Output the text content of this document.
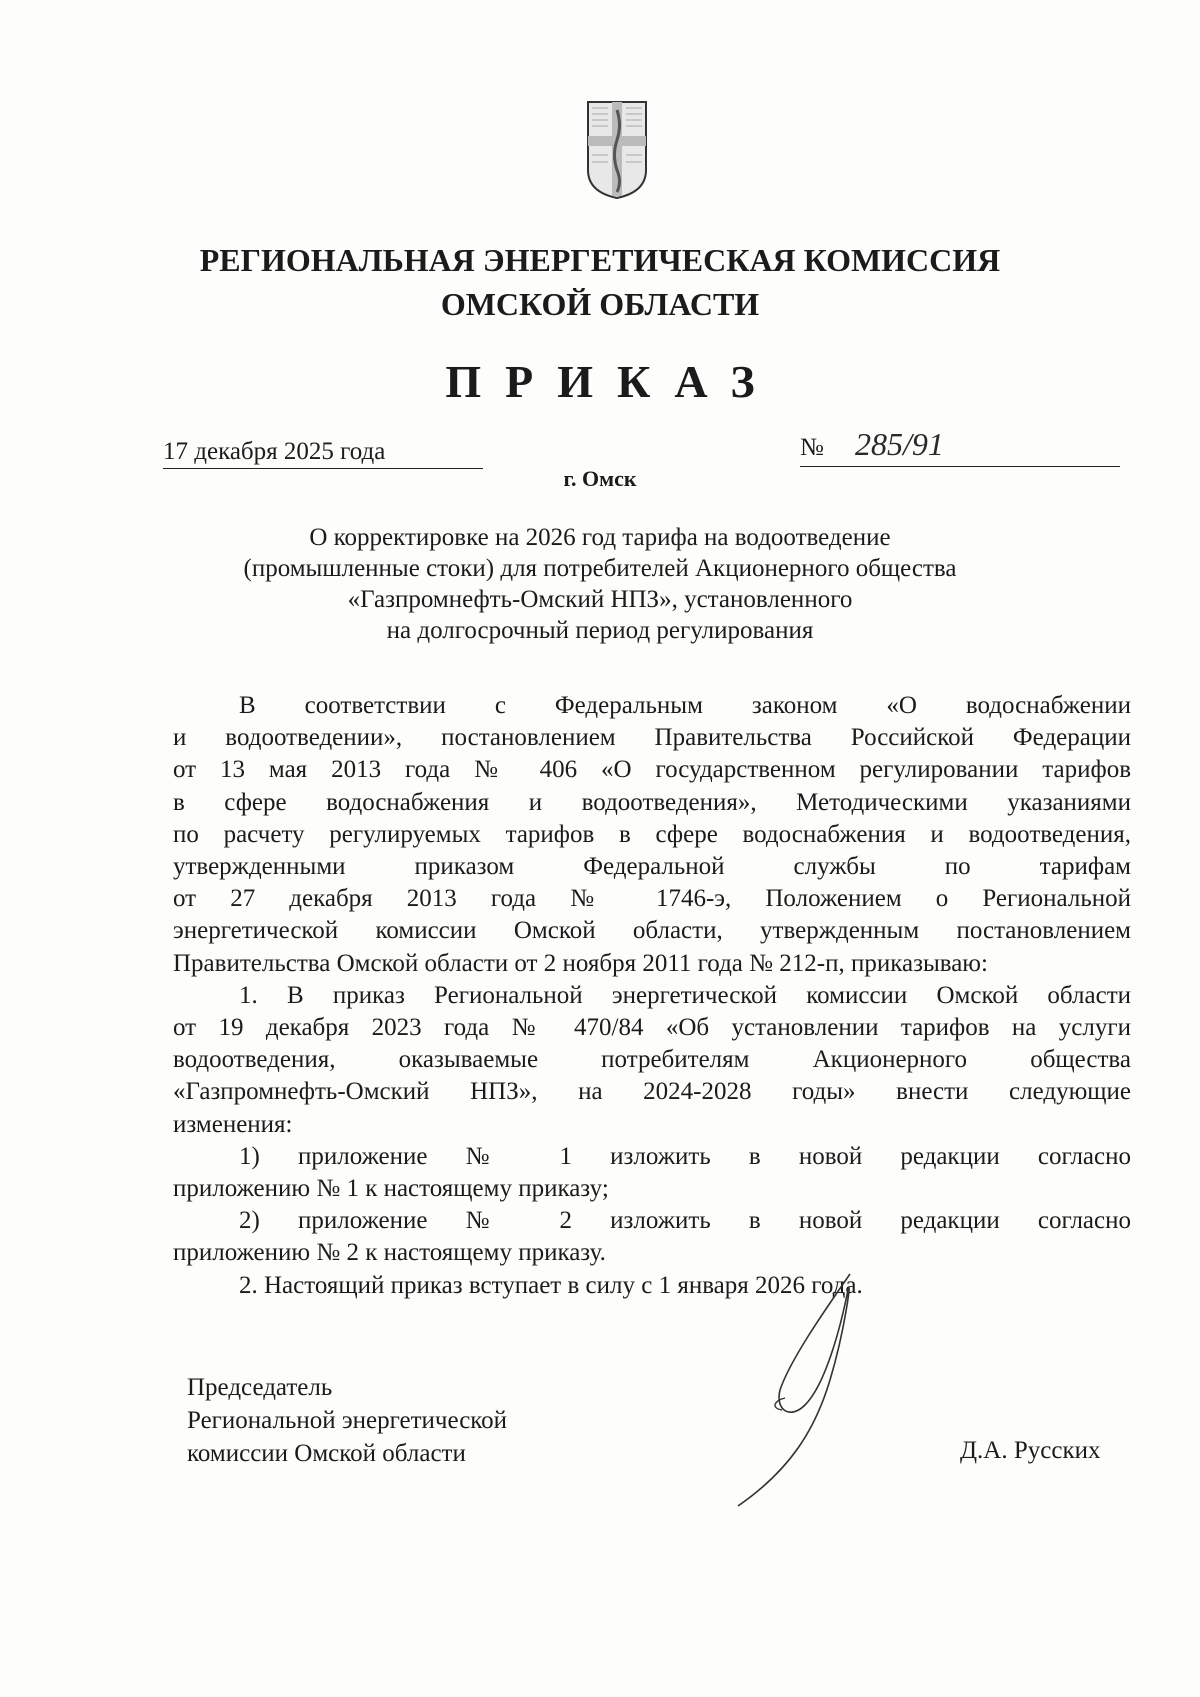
РЕГИОНАЛЬНАЯ ЭНЕРГЕТИЧЕСКАЯ КОМИССИЯ
ОМСКОЙ ОБЛАСТИ
ПРИКАЗ
17 декабря 2025 года	№ 285/91
г. Омск
О корректировке на 2026 год тарифа на водоотведение
(промышленные стоки) для потребителей Акционерного общества
«Газпромнефть-Омский НПЗ», установленного
на долгосрочный период регулирования
В соответствии с Федеральным законом «О водоснабжении
и водоотведении», постановлением Правительства Российской Федерации
от 13 мая 2013 года № 406 «О государственном регулировании тарифов
в сфере водоснабжения и водоотведения», Методическими указаниями
по расчету регулируемых тарифов в сфере водоснабжения и водоотведения,
утвержденными приказом Федеральной службы по тарифам
от 27 декабря 2013 года № 1746-э, Положением о Региональной
энергетической комиссии Омской области, утвержденным постановлением
Правительства Омской области от 2 ноября 2011 года № 212-п, приказываю:
1. В приказ Региональной энергетической комиссии Омской области
от 19 декабря 2023 года № 470/84 «Об установлении тарифов на услуги
водоотведения, оказываемые потребителям Акционерного общества
«Газпромнефть-Омский НПЗ», на 2024-2028 годы» внести следующие
изменения:
1) приложение № 1 изложить в новой редакции согласно
приложению № 1 к настоящему приказу;
2) приложение № 2 изложить в новой редакции согласно
приложению № 2 к настоящему приказу.
2. Настоящий приказ вступает в силу с 1 января 2026 года.
Председатель
Региональной энергетической
комиссии Омской области	Д.А. Русских
